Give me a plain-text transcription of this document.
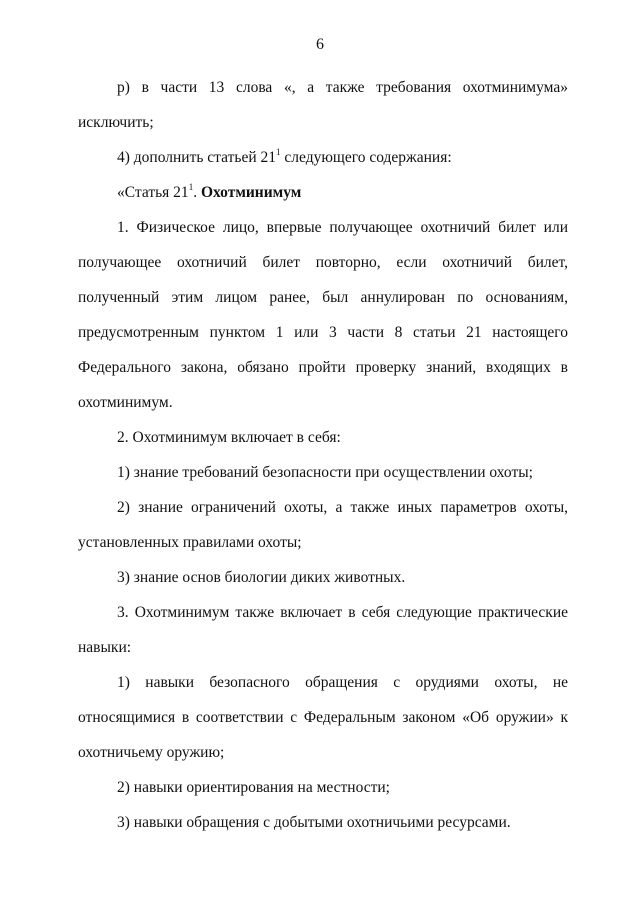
6
р) в части 13 слова «, а также требования охотминимума»
исключить;
4) дополнить статьей $21^1$ следующего содержания:
«Статья $21^1$. Охотминимум
1. Физическое лицо, впервые получающее охотничий билет или
получающее охотничий билет повторно, если охотничий билет,
полученный этим лицом ранее, был аннулирован по основаниям,
предусмотренным пунктом 1 или 3 части 8 статьи 21 настоящего
Федерального закона, обязано пройти проверку знаний, входящих в
охотминимум.
2. Охотминимум включает в себя:
1) знание требований безопасности при осуществлении охоты;
2) знание ограничений охоты, а также иных параметров охоты,
установленных правилами охоты;
3) знание основ биологии диких животных.
3. Охотминимум также включает в себя следующие практические
навыки:
1) навыки безопасного обращения с орудиями охоты, не
относящимися в соответствии с Федеральным законом «Об оружии» к
охотничьему оружию;
2) навыки ориентирования на местности;
3) навыки обращения с добытыми охотничьими ресурсами.
